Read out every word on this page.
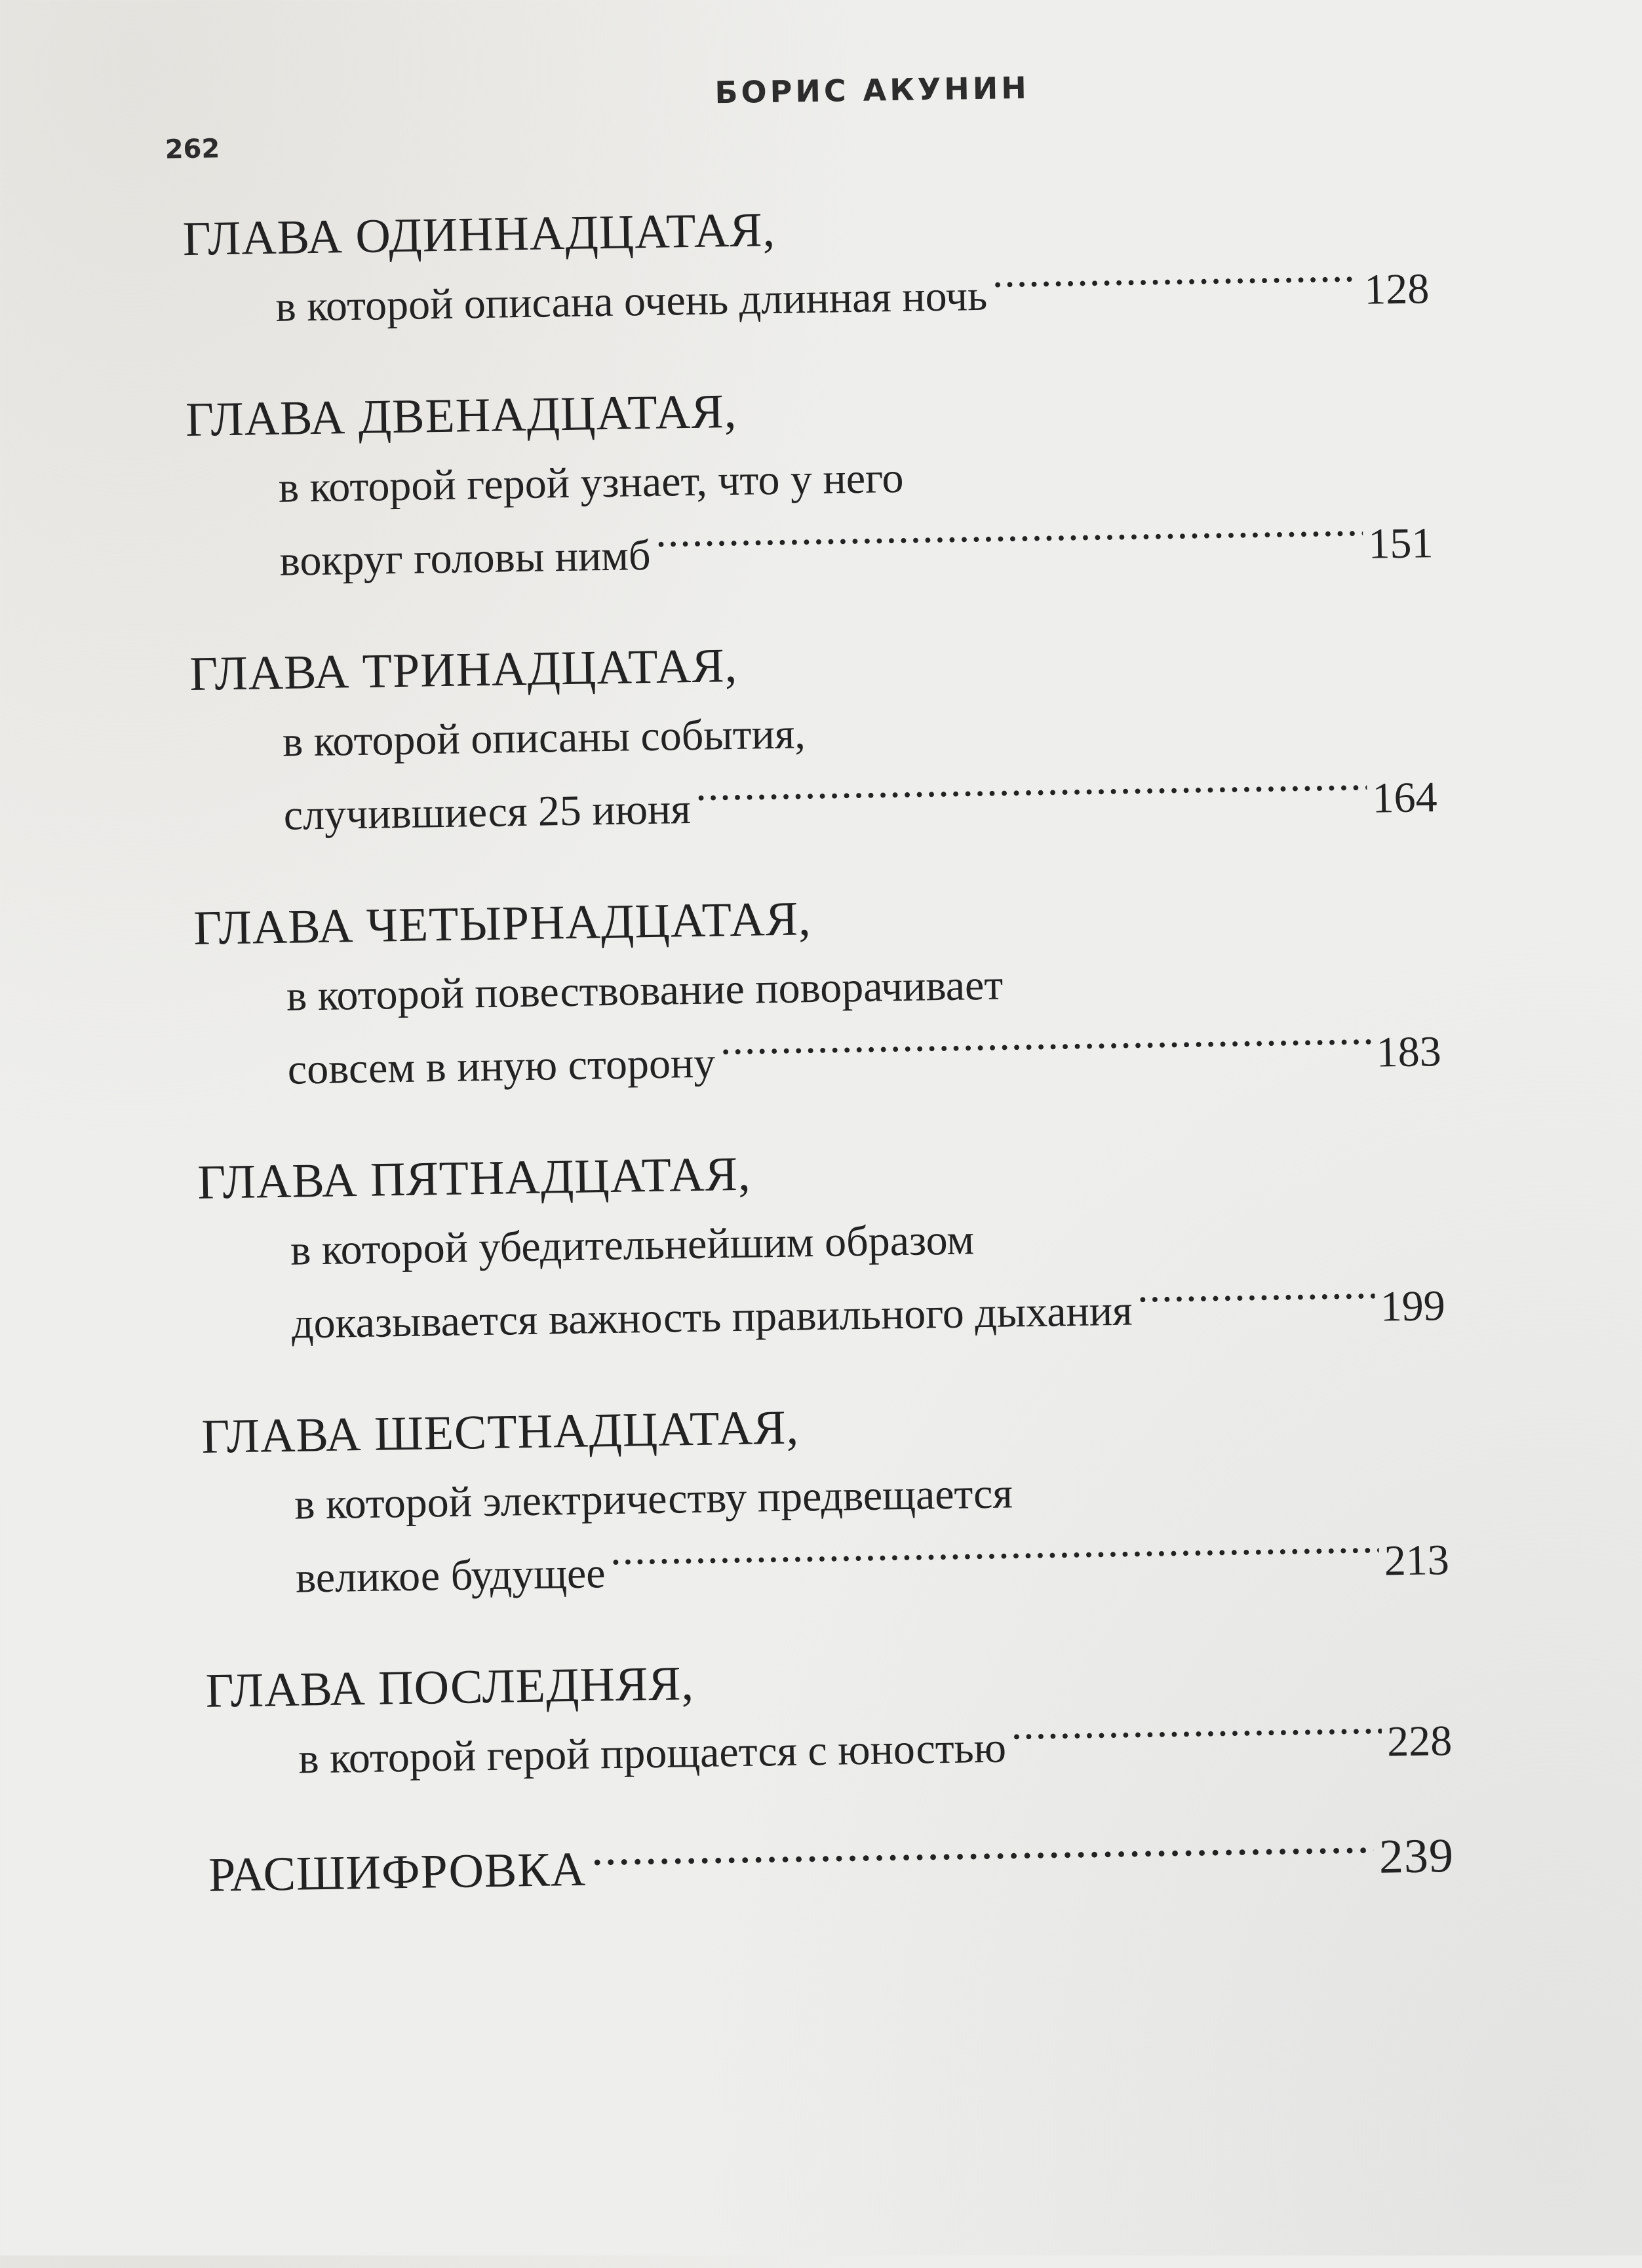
БОРИС АКУНИН
262
ГЛАВА ОДИННАДЦАТАЯ,
в которой описана очень длинная ночь .....	128
ГЛАВА ДВЕНАДЦАТАЯ,
в которой герой узнает, что у него
вокруг головы нимб .....	151
ГЛАВА ТРИНАДЦАТАЯ,
в которой описаны события,
случившиеся 25 июня .....	164
ГЛАВА ЧЕТЫРНАДЦАТАЯ,
в которой повествование поворачивает
совсем в иную сторону .....	183
ГЛАВА ПЯТНАДЦАТАЯ,
в которой убедительнейшим образом
доказывается важность правильного дыхания .....	199
ГЛАВА ШЕСТНАДЦАТАЯ,
в которой электричеству предвещается
великое будущее .....	213
ГЛАВА ПОСЛЕДНЯЯ,
в которой герой прощается с юностью .....	228
РАСШИФРОВКА .....	239
